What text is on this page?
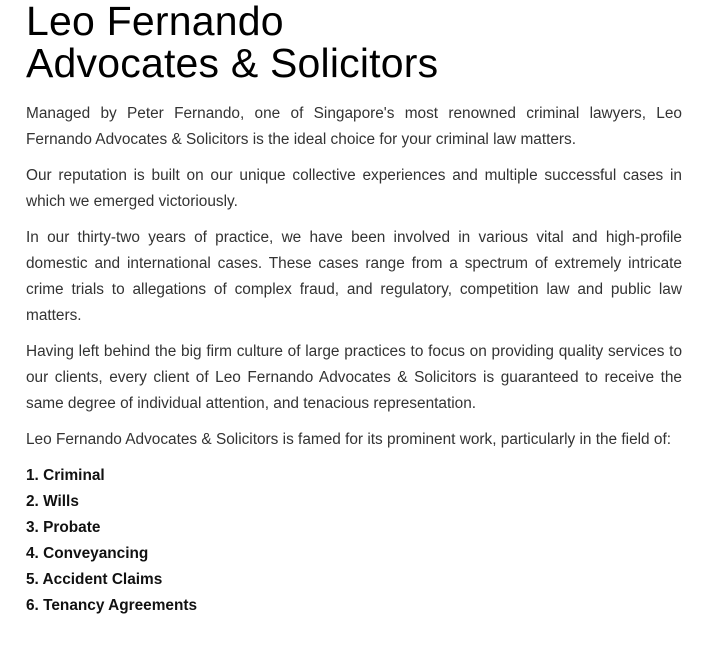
Leo Fernando
Advocates & Solicitors

Managed by Peter Fernando, one of Singapore's most renowned criminal lawyers, Leo Fernando Advocates & Solicitors is the ideal choice for your criminal law matters.

Our reputation is built on our unique collective experiences and multiple successful cases in which we emerged victoriously.

In our thirty-two years of practice, we have been involved in various vital and high-profile domestic and international cases. These cases range from a spectrum of extremely intricate crime trials to allegations of complex fraud, and regulatory, competition law and public law matters.

Having left behind the big firm culture of large practices to focus on providing quality services to our clients, every client of Leo Fernando Advocates & Solicitors is guaranteed to receive the same degree of individual attention, and tenacious representation.

Leo Fernando Advocates & Solicitors is famed for its prominent work, particularly in the field of:

1. Criminal
2. Wills
3. Probate
4. Conveyancing
5. Accident Claims
6. Tenancy Agreements
